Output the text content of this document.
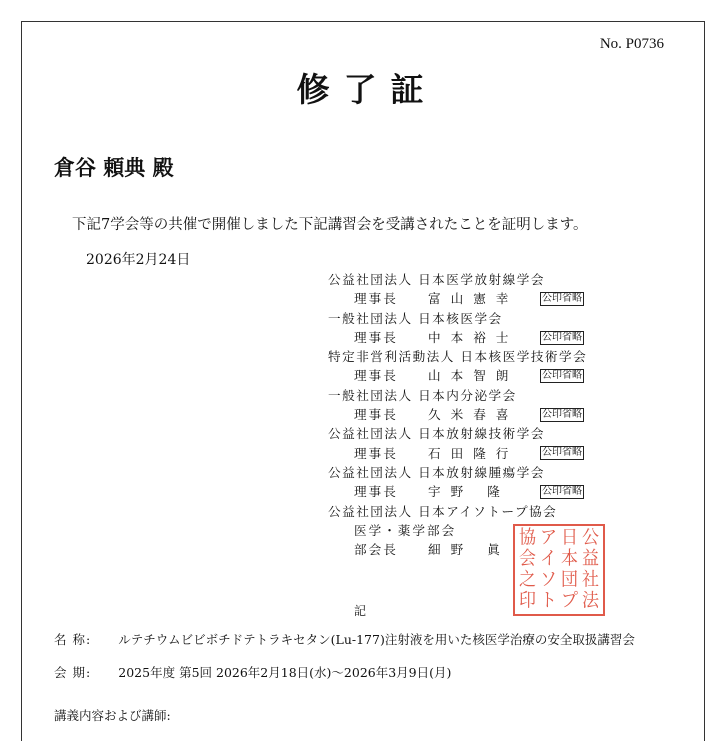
No. P0736
修了証
倉谷 頼典 殿
下記7学会等の共催で開催しました下記講習会を受講されたことを証明します。
2026年2月24日
公益社団法人 日本医学放射線学会
理事長	富山憲幸	公印省略
一般社団法人 日本核医学会
理事長	中本裕士	公印省略
特定非営利活動法人 日本核医学技術学会
理事長	山本智朗	公印省略
一般社団法人 日本内分泌学会
理事長	久米春喜	公印省略
公益社団法人 日本放射線技術学会
理事長	石田隆行	公印省略
公益社団法人 日本放射線腫瘍学会
理事長	宇野 隆	公印省略
公益社団法人 日本アイソトープ協会
医学・薬学部会
部会長	細野 眞
協 ア 日 公
会 イ 本 益
之 ソ 団 社
印 ト プ 法
記
名 称: ルテチウムビビボチドテトラキセタン(Lu-177)注射液を用いた核医学治療の安全取扱講習会
会 期: 2025年度 第5回 2026年2月18日(水)〜2026年3月9日(月)
講義内容および講師:
